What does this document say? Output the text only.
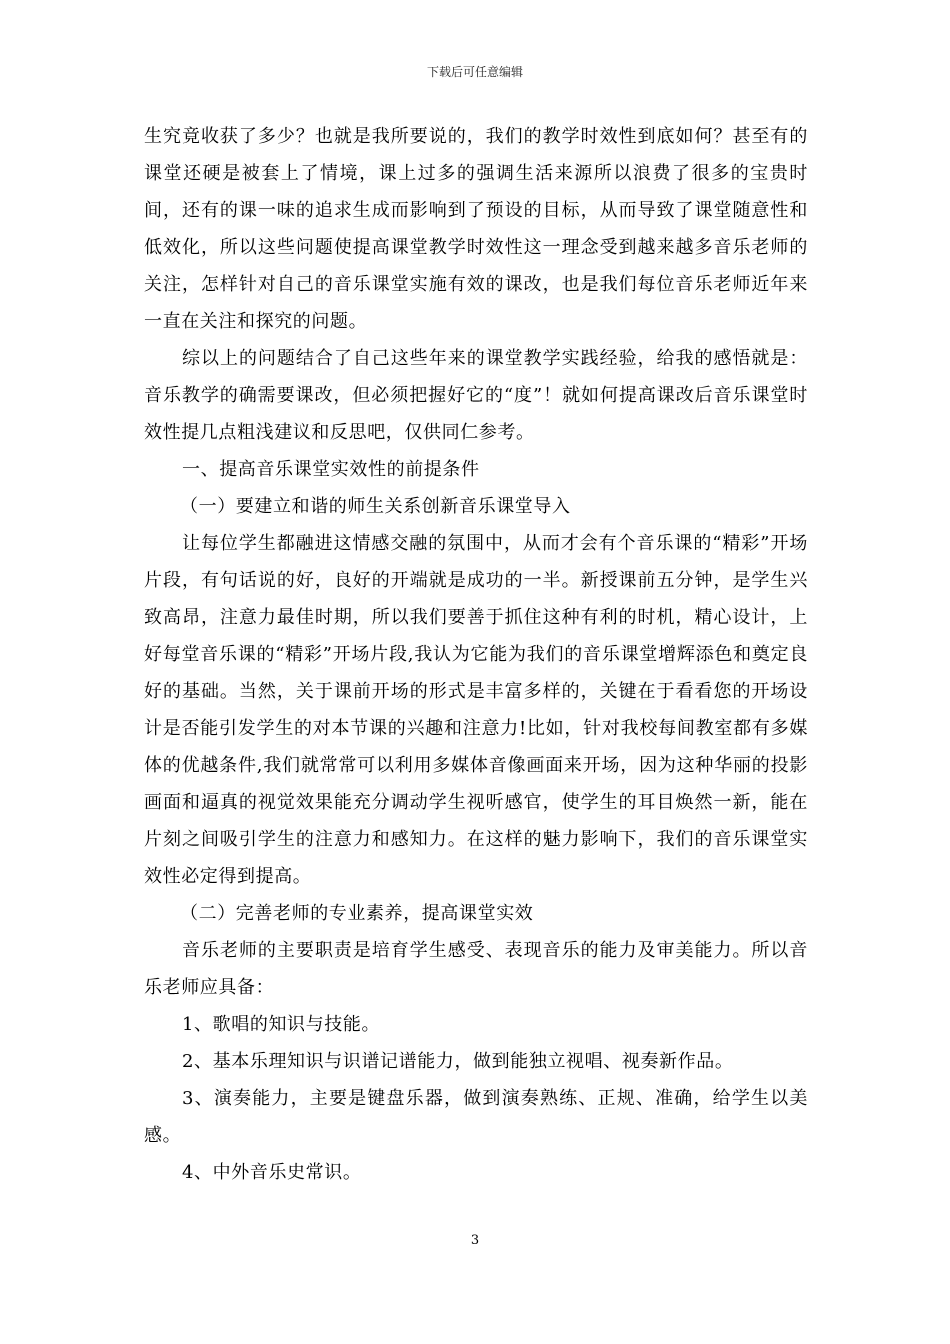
下载后可任意编辑

生究竟收获了多少？也就是我所要说的，我们的教学时效性到底如何？甚至有的课堂还硬是被套上了情境，课上过多的强调生活来源所以浪费了很多的宝贵时间，还有的课一味的追求生成而影响到了预设的目标，从而导致了课堂随意性和低效化，所以这些问题使提高课堂教学时效性这一理念受到越来越多音乐老师的关注，怎样针对自己的音乐课堂实施有效的课改，也是我们每位音乐老师近年来一直在关注和探究的问题。

综以上的问题结合了自己这些年来的课堂教学实践经验，给我的感悟就是：音乐教学的确需要课改，但必须把握好它的“度”！就如何提高课改后音乐课堂时效性提几点粗浅建议和反思吧，仅供同仁参考。

一、提高音乐课堂实效性的前提条件

（一）要建立和谐的师生关系创新音乐课堂导入

让每位学生都融进这情感交融的氛围中，从而才会有个音乐课的“精彩”开场片段，有句话说的好，良好的开端就是成功的一半。新授课前五分钟，是学生兴致高昂，注意力最佳时期，所以我们要善于抓住这种有利的时机，精心设计，上好每堂音乐课的“精彩”开场片段,我认为它能为我们的音乐课堂增辉添色和奠定良好的基础。当然，关于课前开场的形式是丰富多样的，关键在于看看您的开场设计是否能引发学生的对本节课的兴趣和注意力!比如，针对我校每间教室都有多媒体的优越条件,我们就常常可以利用多媒体音像画面来开场，因为这种华丽的投影画面和逼真的视觉效果能充分调动学生视听感官，使学生的耳目焕然一新，能在片刻之间吸引学生的注意力和感知力。在这样的魅力影响下，我们的音乐课堂实效性必定得到提高。

（二）完善老师的专业素养，提高课堂实效

音乐老师的主要职责是培育学生感受、表现音乐的能力及审美能力。所以音乐老师应具备：

1、歌唱的知识与技能。

2、基本乐理知识与识谱记谱能力，做到能独立视唱、视奏新作品。

3、演奏能力，主要是键盘乐器，做到演奏熟练、正规、准确，给学生以美感。

4、中外音乐史常识。

3
